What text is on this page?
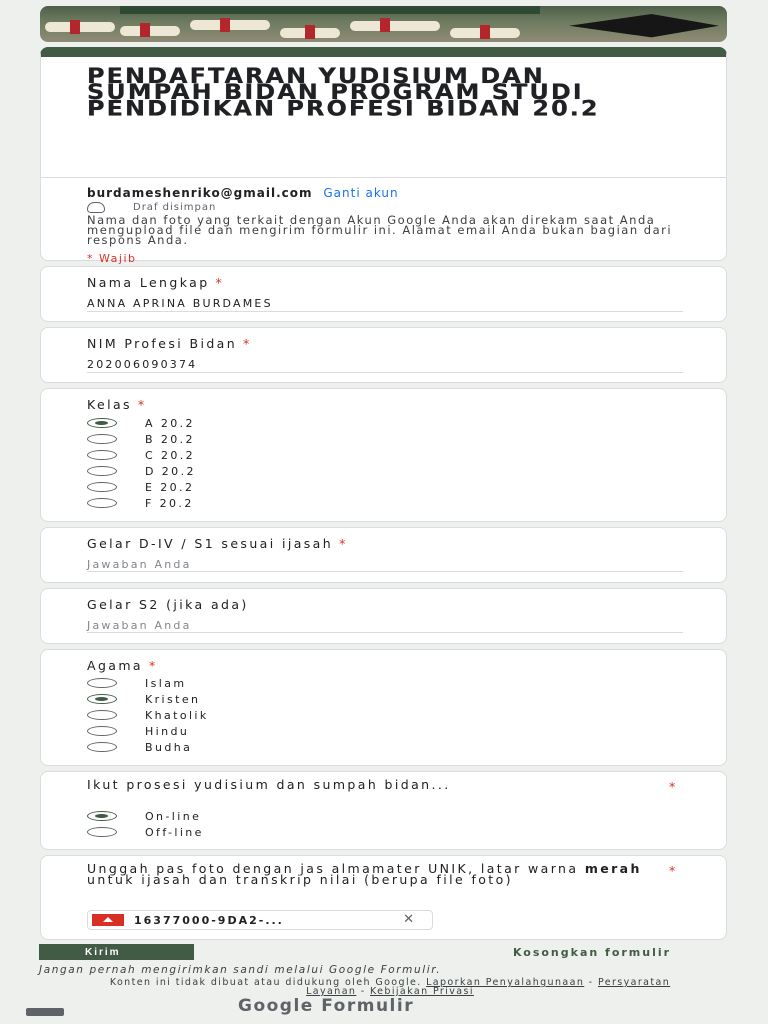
PENDAFTARAN YUDISIUM DAN SUMPAH BIDAN PROGRAM STUDI PENDIDIKAN PROFESI BIDAN 20.2
burdameshenriko@gmail.com Ganti akun
Draf disimpan
Nama dan foto yang terkait dengan Akun Google Anda akan direkam saat Anda mengupload file dan mengirim formulir ini. Alamat email Anda bukan bagian dari respons Anda.
* Wajib
Nama Lengkap *
ANNA APRINA BURDAMES
NIM Profesi Bidan *
202006090374
Kelas *
A 20.2
B 20.2
C 20.2
D 20.2
E 20.2
F 20.2
Gelar D-IV / S1 sesuai ijasah *
Jawaban Anda
Gelar S2 (jika ada)
Jawaban Anda
Agama *
Islam
Kristen
Khatolik
Hindu
Budha
Ikut prosesi yudisium dan sumpah bidan...	*
On-line
Off-line
Unggah pas foto dengan jas almamater UNIK, latar warna merah untuk ijasah dan transkrip nilai (berupa file foto)
*
16377000-9DA2-...	✕
Kirim	Kosongkan formulir
Jangan pernah mengirimkan sandi melalui Google Formulir.
Konten ini tidak dibuat atau didukung oleh Google. Laporkan Penyalahgunaan - Persyaratan Layanan - Kebijakan Privasi
Google Formulir
